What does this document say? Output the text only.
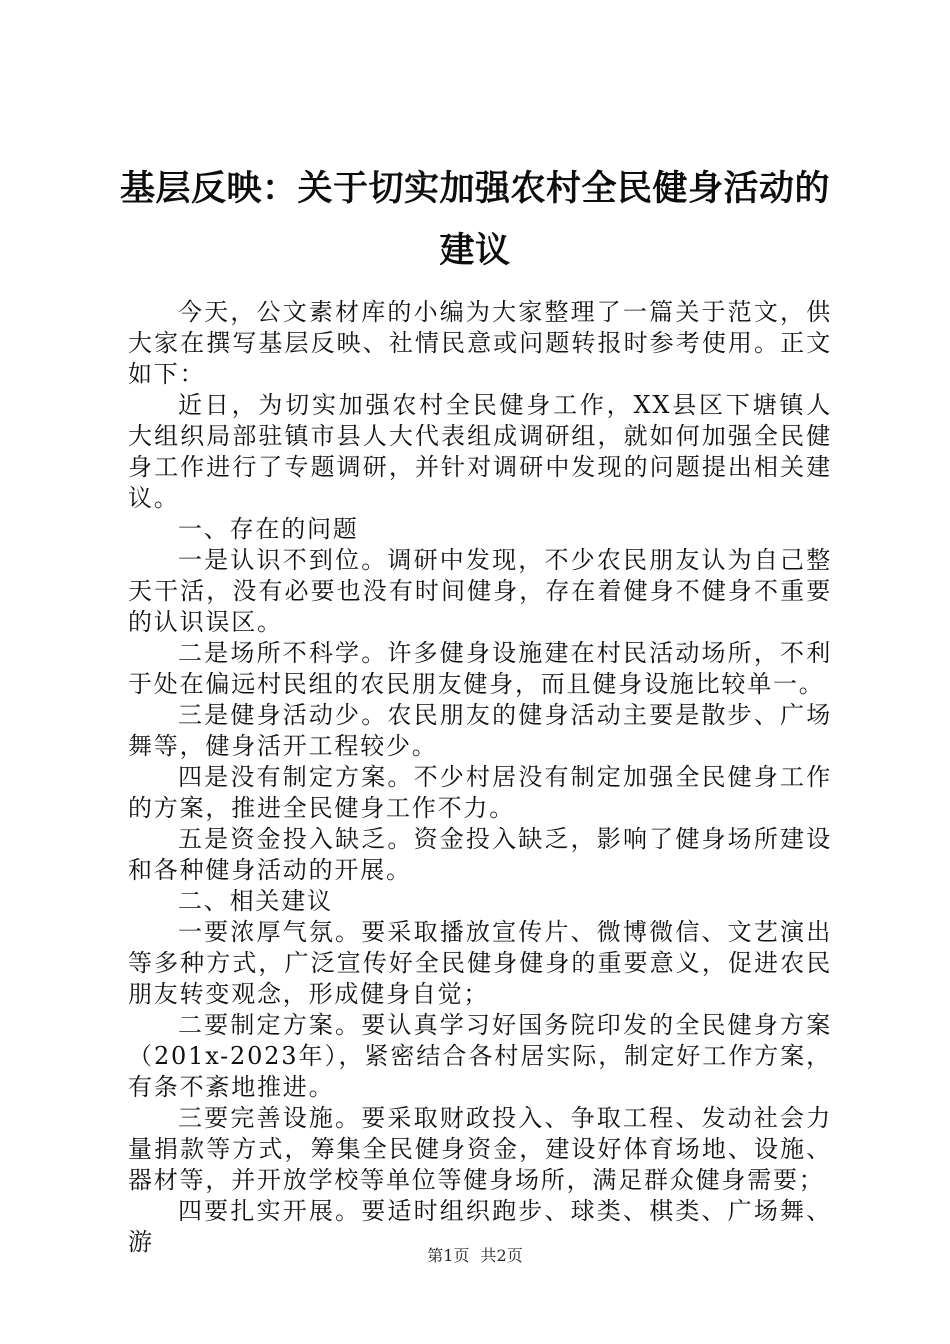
基层反映：关于切实加强农村全民健身活动的建议

今天，公文素材库的小编为大家整理了一篇关于范文，供大家在撰写基层反映、社情民意或问题转报时参考使用。正文如下：

近日，为切实加强农村全民健身工作，XX县区下塘镇人大组织局部驻镇市县人大代表组成调研组，就如何加强全民健身工作进行了专题调研，并针对调研中发现的问题提出相关建议。

一、存在的问题

一是认识不到位。调研中发现，不少农民朋友认为自己整天干活，没有必要也没有时间健身，存在着健身不健身不重要的认识误区。

二是场所不科学。许多健身设施建在村民活动场所，不利于处在偏远村民组的农民朋友健身，而且健身设施比较单一。

三是健身活动少。农民朋友的健身活动主要是散步、广场舞等，健身活开工程较少。

四是没有制定方案。不少村居没有制定加强全民健身工作的方案，推进全民健身工作不力。

五是资金投入缺乏。资金投入缺乏，影响了健身场所建设和各种健身活动的开展。

二、相关建议

一要浓厚气氛。要采取播放宣传片、微博微信、文艺演出等多种方式，广泛宣传好全民健身健身的重要意义，促进农民朋友转变观念，形成健身自觉；

二要制定方案。要认真学习好国务院印发的全民健身方案（201x-2023年），紧密结合各村居实际，制定好工作方案，有条不紊地推进。

三要完善设施。要采取财政投入、争取工程、发动社会力量捐款等方式，筹集全民健身资金，建设好体育场地、设施、器材等，并开放学校等单位等健身场所，满足群众健身需要；

四要扎实开展。要适时组织跑步、球类、棋类、广场舞、游	第1页 共2页
